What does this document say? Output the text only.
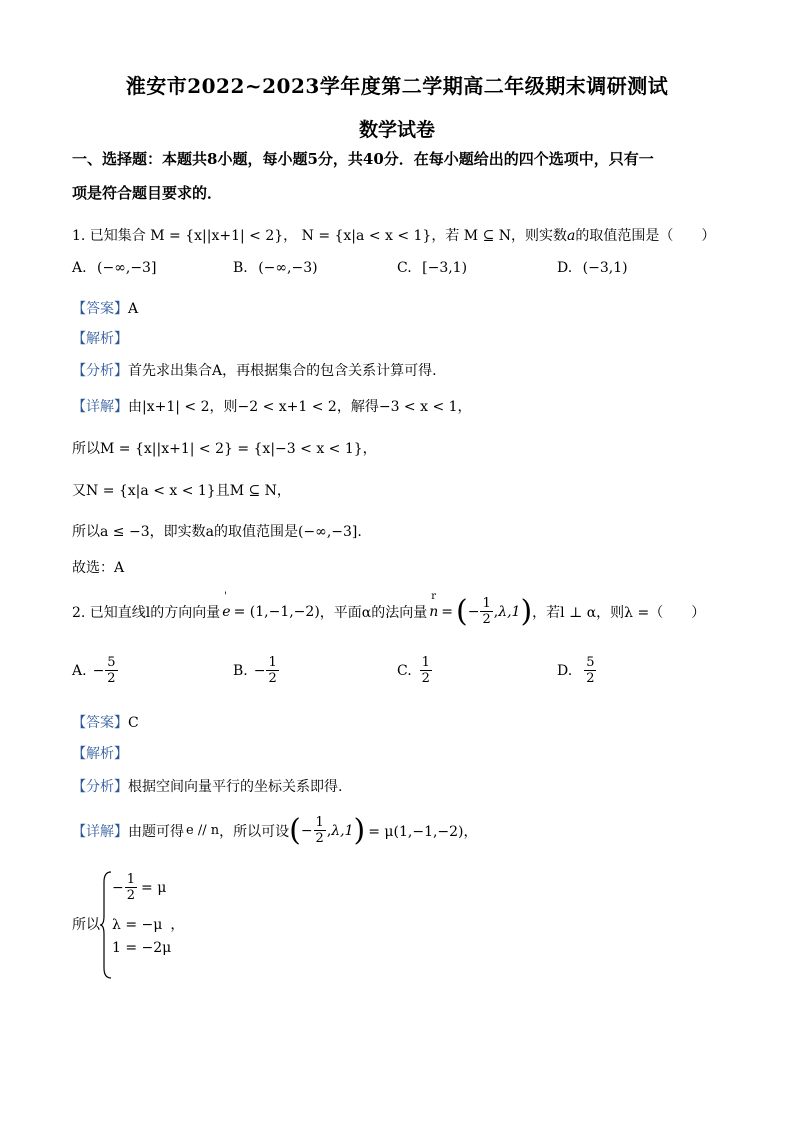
淮安市2022~2023学年度第二学期高二年级期末调研测试
数学试卷
一、选择题：本题共8小题，每小题5分，共40分．在每小题给出的四个选项中，只有一
项是符合题目要求的．
1. 已知集合 M = {x||x+1| < 2}， N = {x|a < x < 1}，若 M ⊆ N，则实数a的取值范围是（　　）
A. (−∞,−3]	B. (−∞,−3)	C. [−3,1)	D. (−3,1)
【答案】A
【解析】
【分析】首先求出集合A，再根据集合的包含关系计算可得.
【详解】由|x+1| < 2，则−2 < x+1 < 2，解得−3 < x < 1，
所以M = {x||x+1| < 2} = {x|−3 < x < 1}，
又N = {x|a < x < 1}且M ⊆ N，
所以a ≤ −3，即实数a的取值范围是(−∞,−3].
故选：A
2. 已知直线l的方向向量
'
e = (1,−1,−2) ，平面α的法向量
r
n = ( − $\frac{1}{2} ,\lambda,1$ ) ，若l ⊥ α，则λ =（　　）
A. − $\frac{5}{2}$	B. − $\frac{1}{2}$	C. $\frac{1}{2}$	D. $\frac{5}{2}$
【答案】C
【解析】
【分析】根据空间向量平行的坐标关系即得.
【详解】 由题可得 e // n ，所以可设 ( − $\frac{1}{2} ,\lambda,1$ ) = μ(1,−1,−2)，
所以
− $\frac{1}{2} = \mu$
λ = −μ ，
1 = −2μ
